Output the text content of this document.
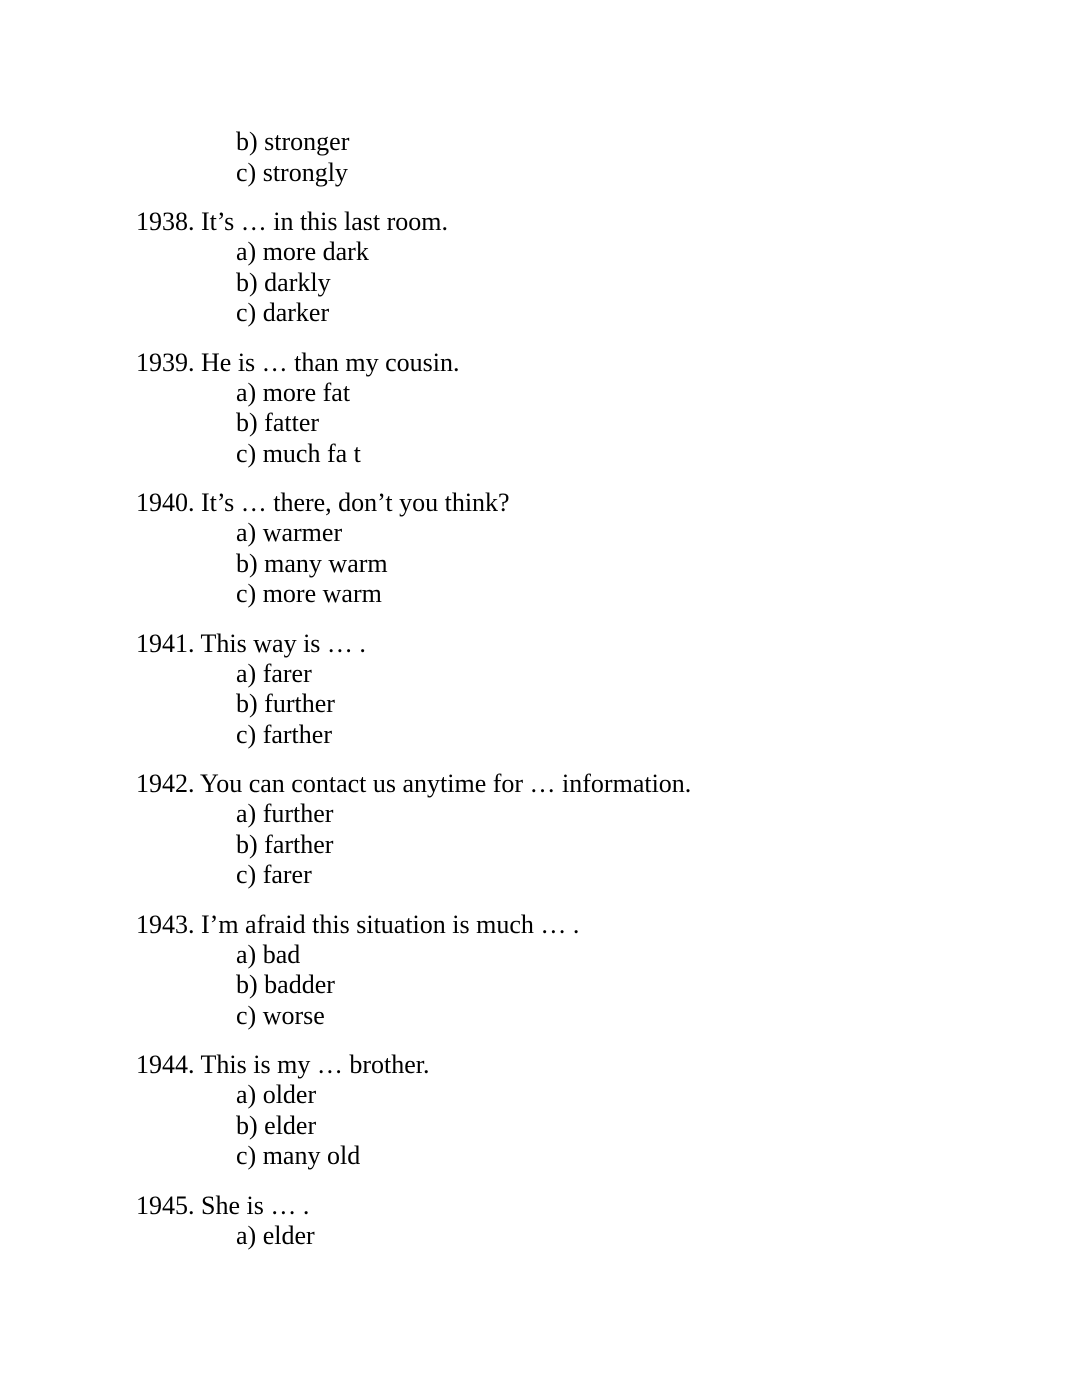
b) stronger
c) strongly
1938. It’s … in this last room.
a) more dark
b) darkly
c) darker
1939. He is … than my cousin.
a) more fat
b) fatter
c) much fa t
1940. It’s … there, don’t you think?
a) warmer
b) many warm
c) more warm
1941. This way is … .
a) farer
b) further
c) farther
1942. You can contact us anytime for … information.
a) further
b) farther
c) farer
1943. I’m afraid this situation is much … .
a) bad
b) badder
c) worse
1944. This is my … brother.
a) older
b) elder
c) many old
1945. She is … .
a) elder
